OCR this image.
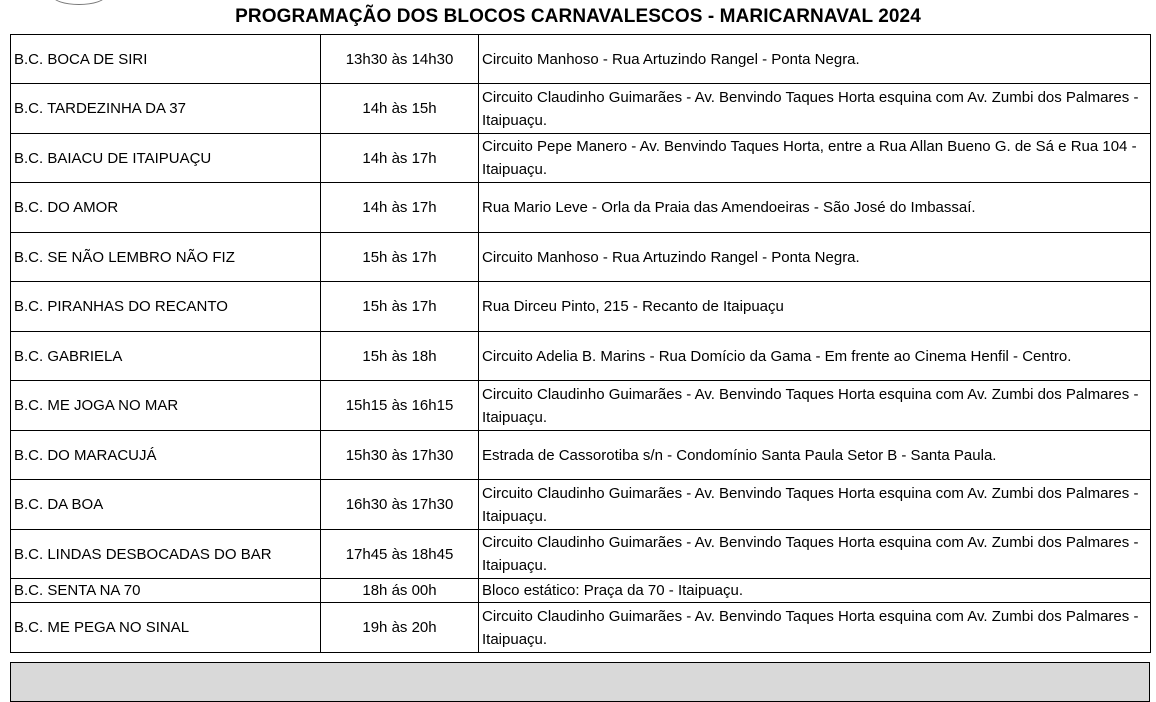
PROGRAMAÇÃO DOS BLOCOS CARNAVALESCOS - MARICARNAVAL 2024
B.C. BOCA DE SIRI	13h30 às 14h30	Circuito Manhoso - Rua Artuzindo Rangel - Ponta Negra.
B.C. TARDEZINHA DA 37	14h às 15h	Circuito Claudinho Guimarães - Av. Benvindo Taques Horta esquina com Av. Zumbi dos Palmares - Itaipuaçu.
B.C. BAIACU DE ITAIPUAÇU	14h às 17h	Circuito Pepe Manero - Av. Benvindo Taques Horta, entre a Rua Allan Bueno G. de Sá e Rua 104 - Itaipuaçu.
B.C. DO AMOR	14h às 17h	Rua Mario Leve - Orla da Praia das Amendoeiras - São José do Imbassaí.
B.C. SE NÃO LEMBRO NÃO FIZ	15h às 17h	Circuito Manhoso - Rua Artuzindo Rangel - Ponta Negra.
B.C. PIRANHAS DO RECANTO	15h às 17h	Rua Dirceu Pinto, 215 - Recanto de Itaipuaçu
B.C. GABRIELA	15h às 18h	Circuito Adelia B. Marins - Rua Domício da Gama - Em frente ao Cinema Henfil - Centro.
B.C. ME JOGA NO MAR	15h15 às 16h15	Circuito Claudinho Guimarães - Av. Benvindo Taques Horta esquina com Av. Zumbi dos Palmares - Itaipuaçu.
B.C. DO MARACUJÁ	15h30 às 17h30	Estrada de Cassorotiba s/n - Condomínio Santa Paula Setor B - Santa Paula.
B.C. DA BOA	16h30 às 17h30	Circuito Claudinho Guimarães - Av. Benvindo Taques Horta esquina com Av. Zumbi dos Palmares - Itaipuaçu.
B.C. LINDAS DESBOCADAS DO BAR	17h45 às 18h45	Circuito Claudinho Guimarães - Av. Benvindo Taques Horta esquina com Av. Zumbi dos Palmares - Itaipuaçu.
B.C. SENTA NA 70	18h ás 00h	Bloco estático: Praça da 70 - Itaipuaçu.
B.C. ME PEGA NO SINAL	19h às 20h	Circuito Claudinho Guimarães - Av. Benvindo Taques Horta esquina com Av. Zumbi dos Palmares - Itaipuaçu.
